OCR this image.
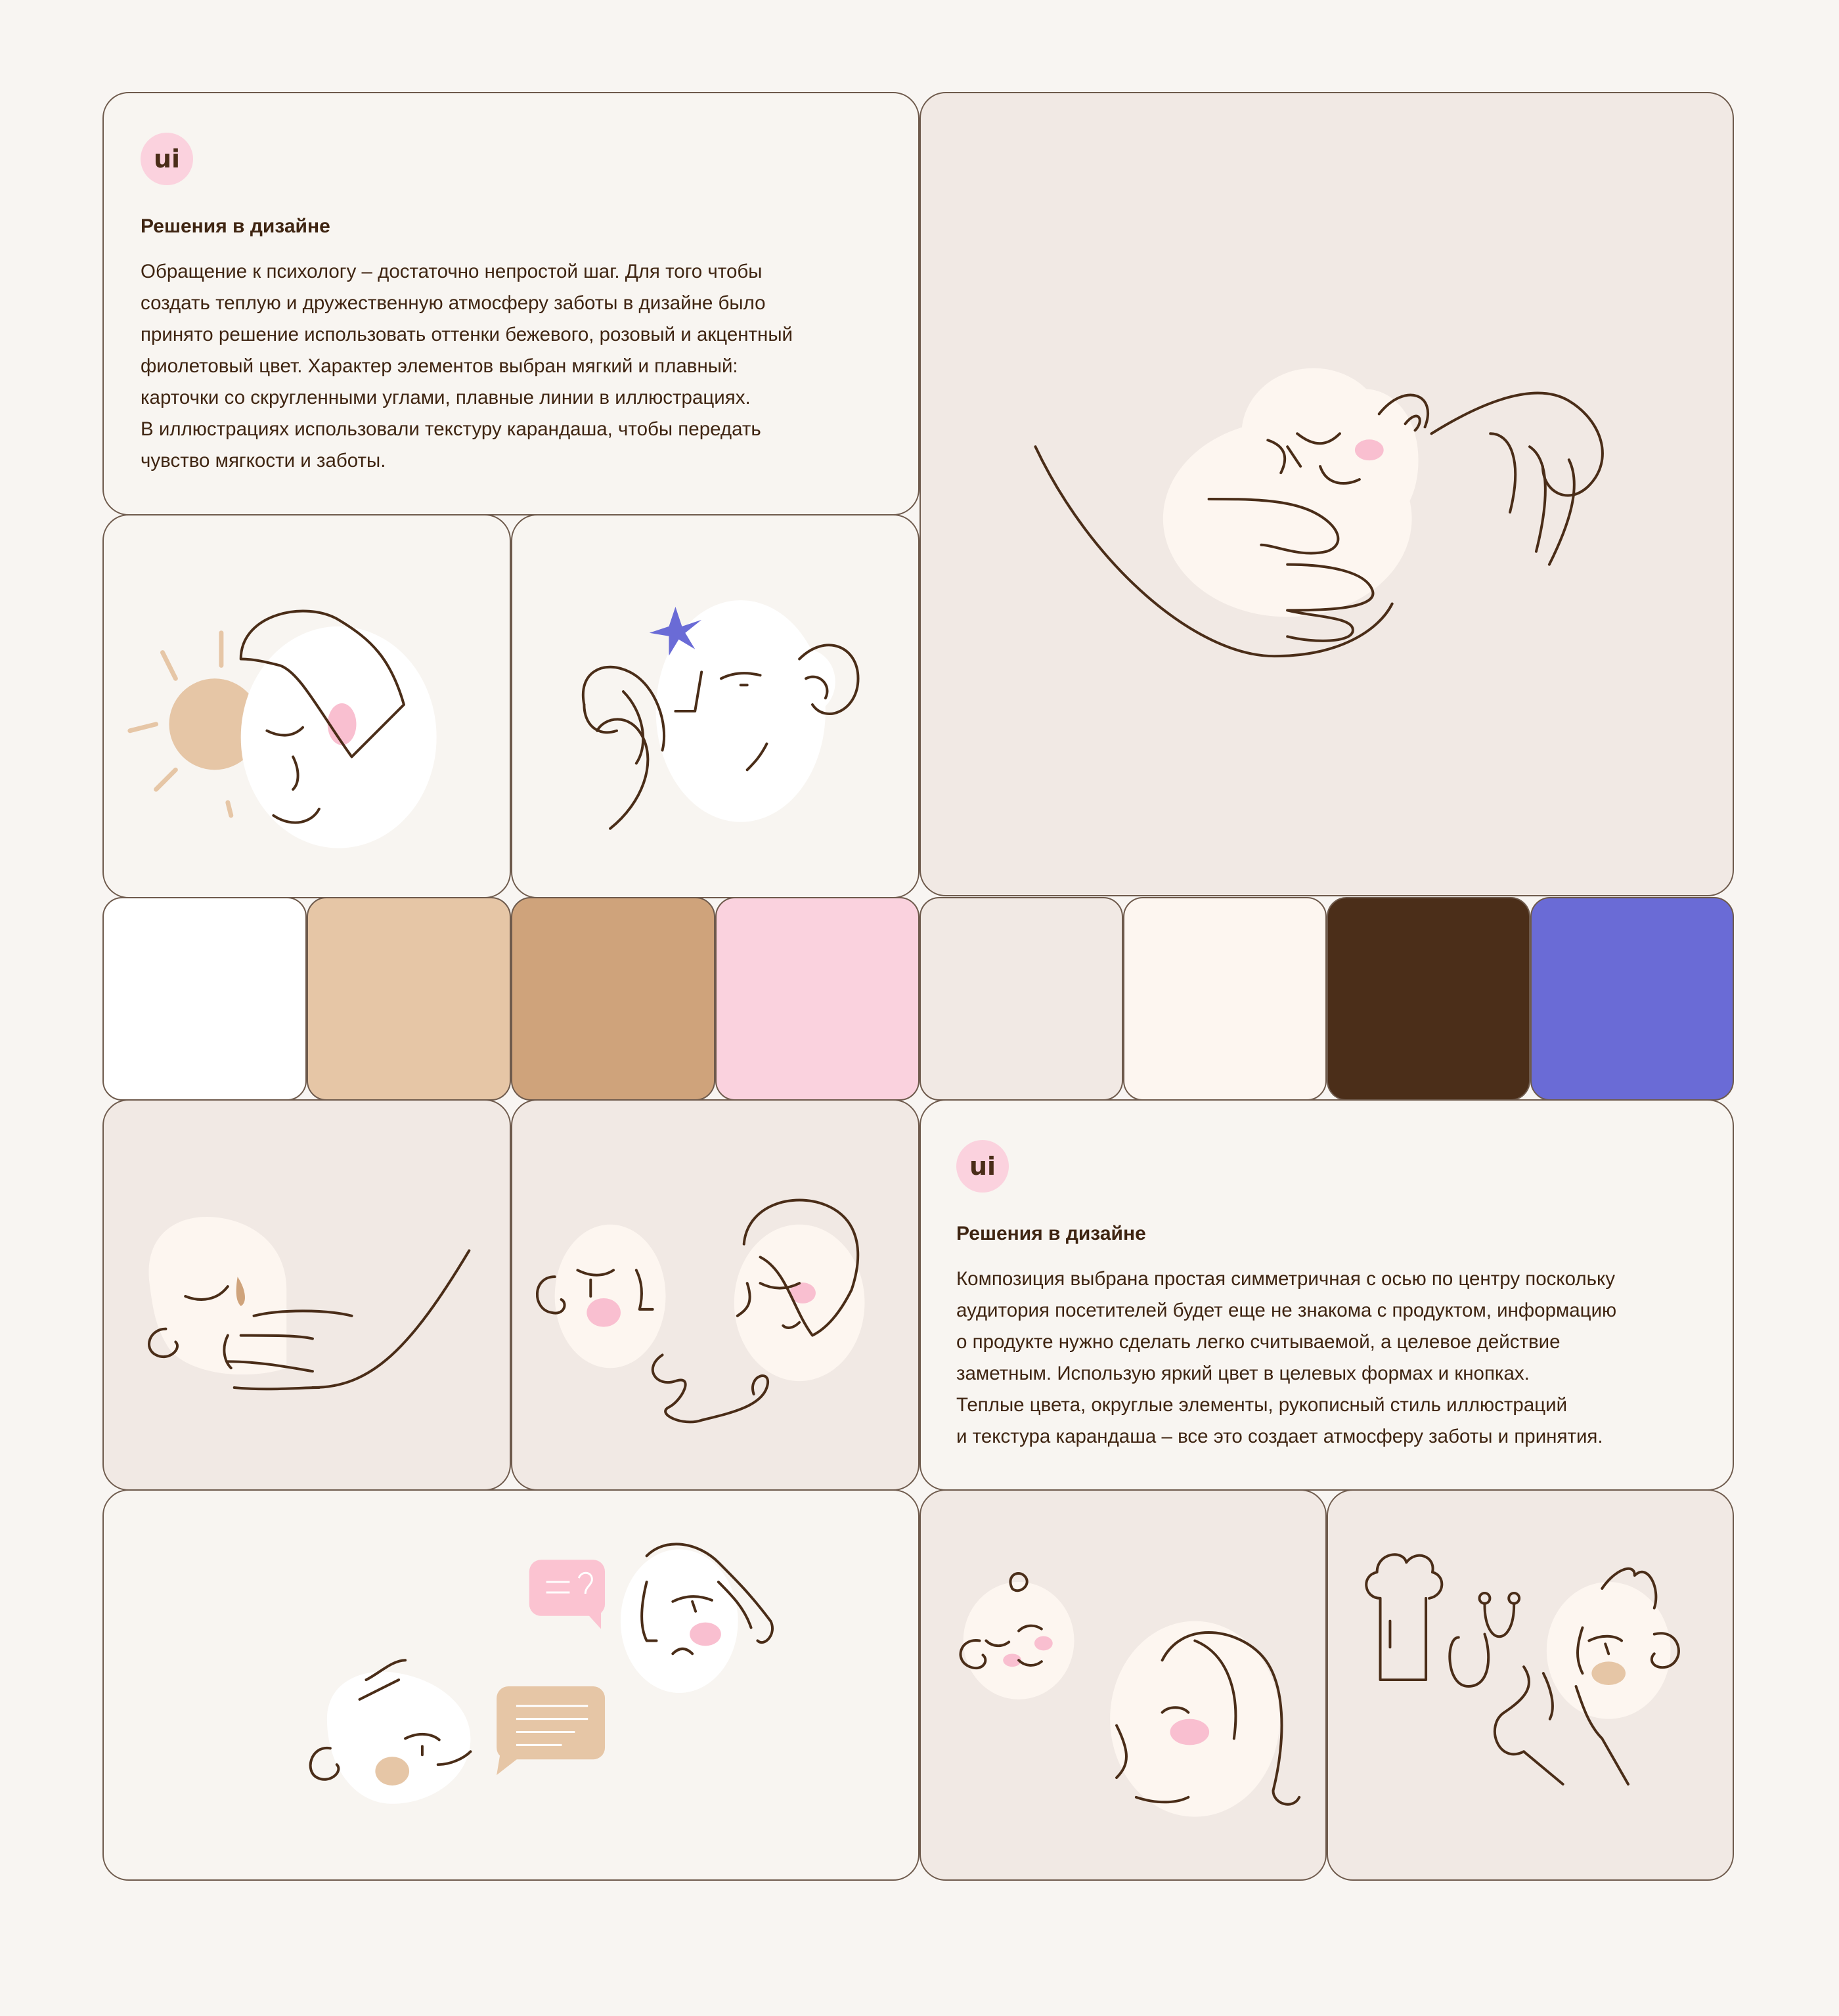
ui
Решения в дизайне
Обращение к психологу – достаточно непростой шаг. Для того чтобы
создать теплую и дружественную атмосферу заботы в дизайне было
принято решение использовать оттенки бежевого, розовый и акцентный
фиолетовый цвет. Характер элементов выбран мягкий и плавный:
карточки со скругленными углами, плавные линии в иллюстрациях.
В иллюстрациях использовали текстуру карандаша, чтобы передать
чувство мягкости и заботы.
ui
Решения в дизайне
Композиция выбрана простая симметричная с осью по центру поскольку
аудитория посетителей будет еще не знакома с продуктом, информацию
о продукте нужно сделать легко считываемой, а целевое действие
заметным. Использую яркий цвет в целевых формах и кнопках.
Теплые цвета, округлые элементы, рукописный стиль иллюстраций
и текстура карандаша – все это создает атмосферу заботы и принятия.
